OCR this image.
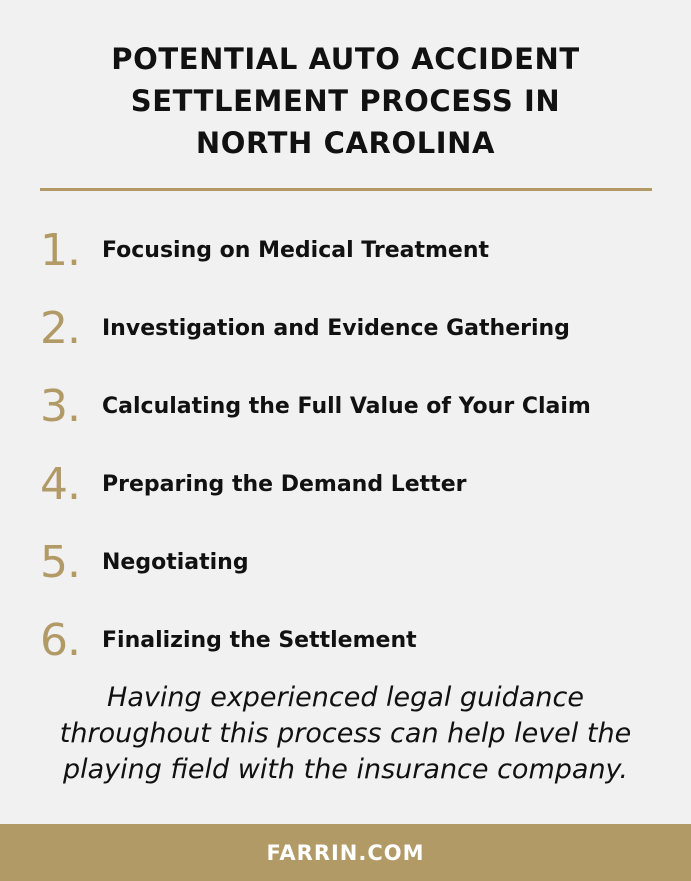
POTENTIAL AUTO ACCIDENT
SETTLEMENT PROCESS IN
NORTH CAROLINA
1.	Focusing on Medical Treatment
2.	Investigation and Evidence Gathering
3.	Calculating the Full Value of Your Claim
4.	Preparing the Demand Letter
5.	Negotiating
6.	Finalizing the Settlement
Having experienced legal guidance
throughout this process can help level the
playing field with the insurance company.
FARRIN.COM
